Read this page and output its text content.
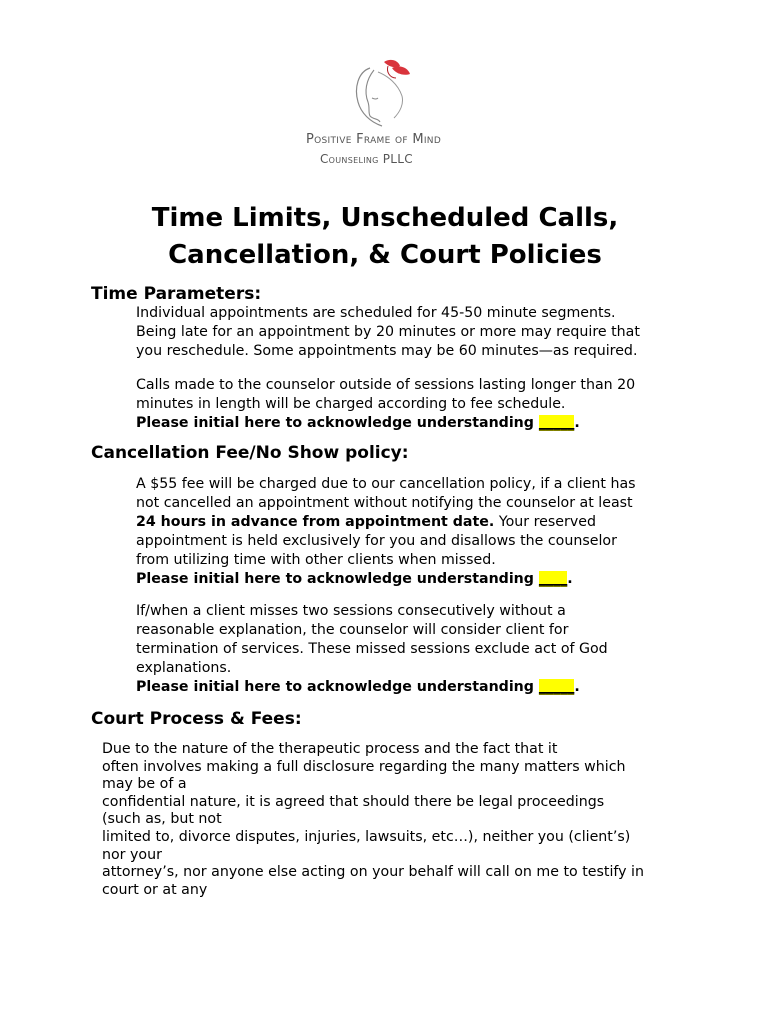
Positive Frame of Mind
Counseling PLLC
Time Limits, Unscheduled Calls,
Cancellation, & Court Policies
Time Parameters:
Individual appointments are scheduled for 45-50 minute segments.
Being late for an appointment by 20 minutes or more may require that
you reschedule. Some appointments may be 60 minutes—as required.
Calls made to the counselor outside of sessions lasting longer than 20
minutes in length will be charged according to fee schedule.
Please initial here to acknowledge understanding _____.
Cancellation Fee/No Show policy:
A $55 fee will be charged due to our cancellation policy, if a client has
not cancelled an appointment without notifying the counselor at least
24 hours in advance from appointment date. Your reserved
appointment is held exclusively for you and disallows the counselor
from utilizing time with other clients when missed.
Please initial here to acknowledge understanding ____.
If/when a client misses two sessions consecutively without a
reasonable explanation, the counselor will consider client for
termination of services. These missed sessions exclude act of God
explanations.
Please initial here to acknowledge understanding _____.
Court Process & Fees:
Due to the nature of the therapeutic process and the fact that it
often involves making a full disclosure regarding the many matters which
may be of a
confidential nature, it is agreed that should there be legal proceedings
(such as, but not
limited to, divorce disputes, injuries, lawsuits, etc…), neither you (client’s)
nor your
attorney’s, nor anyone else acting on your behalf will call on me to testify in
court or at any
